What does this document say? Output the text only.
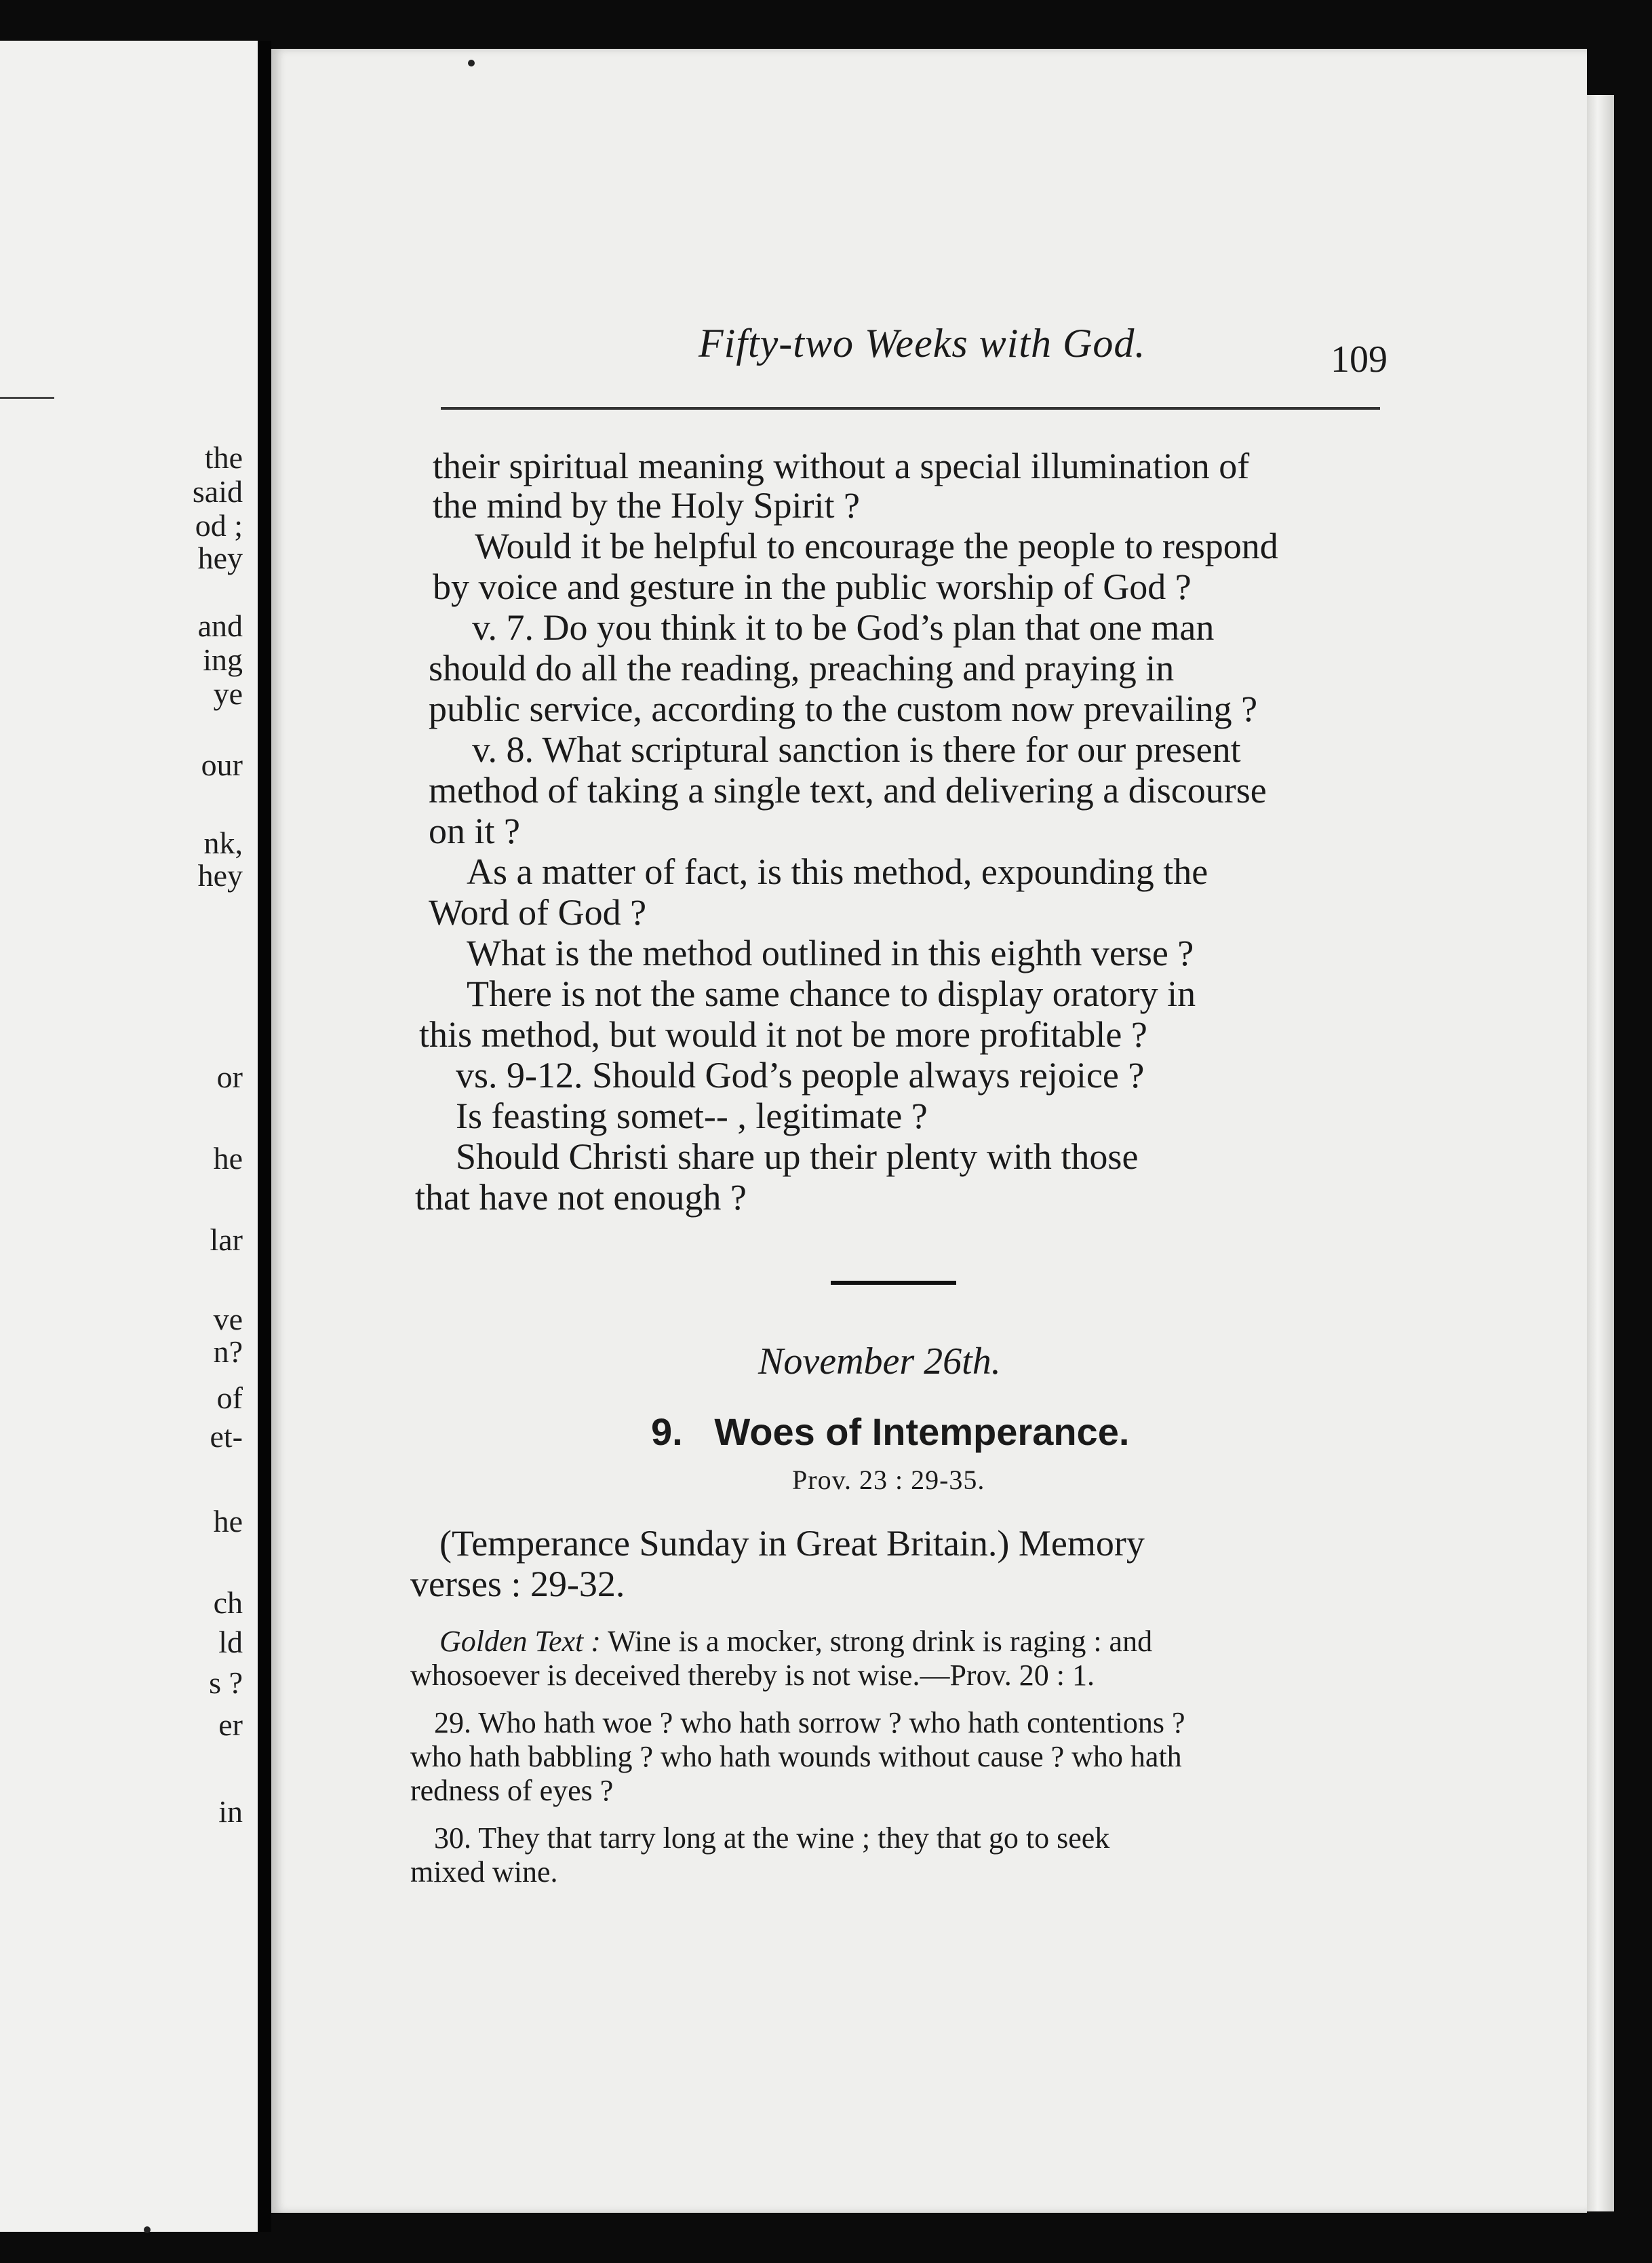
the
said
od ;
hey
and
ing
ye
our
nk,
hey
or
he
lar
ve
n?
of
et-
he
ch
ld
s ?
er
in
Fifty-two Weeks with God.	109
their spiritual meaning without a special illumination of
the mind by the Holy Spirit ?
Would it be helpful to encourage the people to respond
by voice and gesture in the public worship of God ?
v. 7. Do you think it to be God’s plan that one man
should do all the reading, preaching and praying in
public service, according to the custom now prevailing ?
v. 8. What scriptural sanction is there for our present
method of taking a single text, and delivering a discourse
on it ?
As a matter of fact, is this method, expounding the
Word of God ?
What is the method outlined in this eighth verse ?
There is not the same chance to display oratory in
this method, but would it not be more profitable ?
vs. 9-12. Should God’s people always rejoice ?
Is feasting somet‑‑ , legitimate ?
Should Christi share up their plenty with those
that have not enough ?
November 26th.
9. Woes of Intemperance.
Prov. 23 : 29-35.
(Temperance Sunday in Great Britain.) Memory
verses : 29-32.
Golden Text : Wine is a mocker, strong drink is raging : and
whosoever is deceived thereby is not wise.—Prov. 20 : 1.
29. Who hath woe ? who hath sorrow ? who hath contentions ?
who hath babbling ? who hath wounds without cause ? who hath
redness of eyes ?
30. They that tarry long at the wine ; they that go to seek
mixed wine.
